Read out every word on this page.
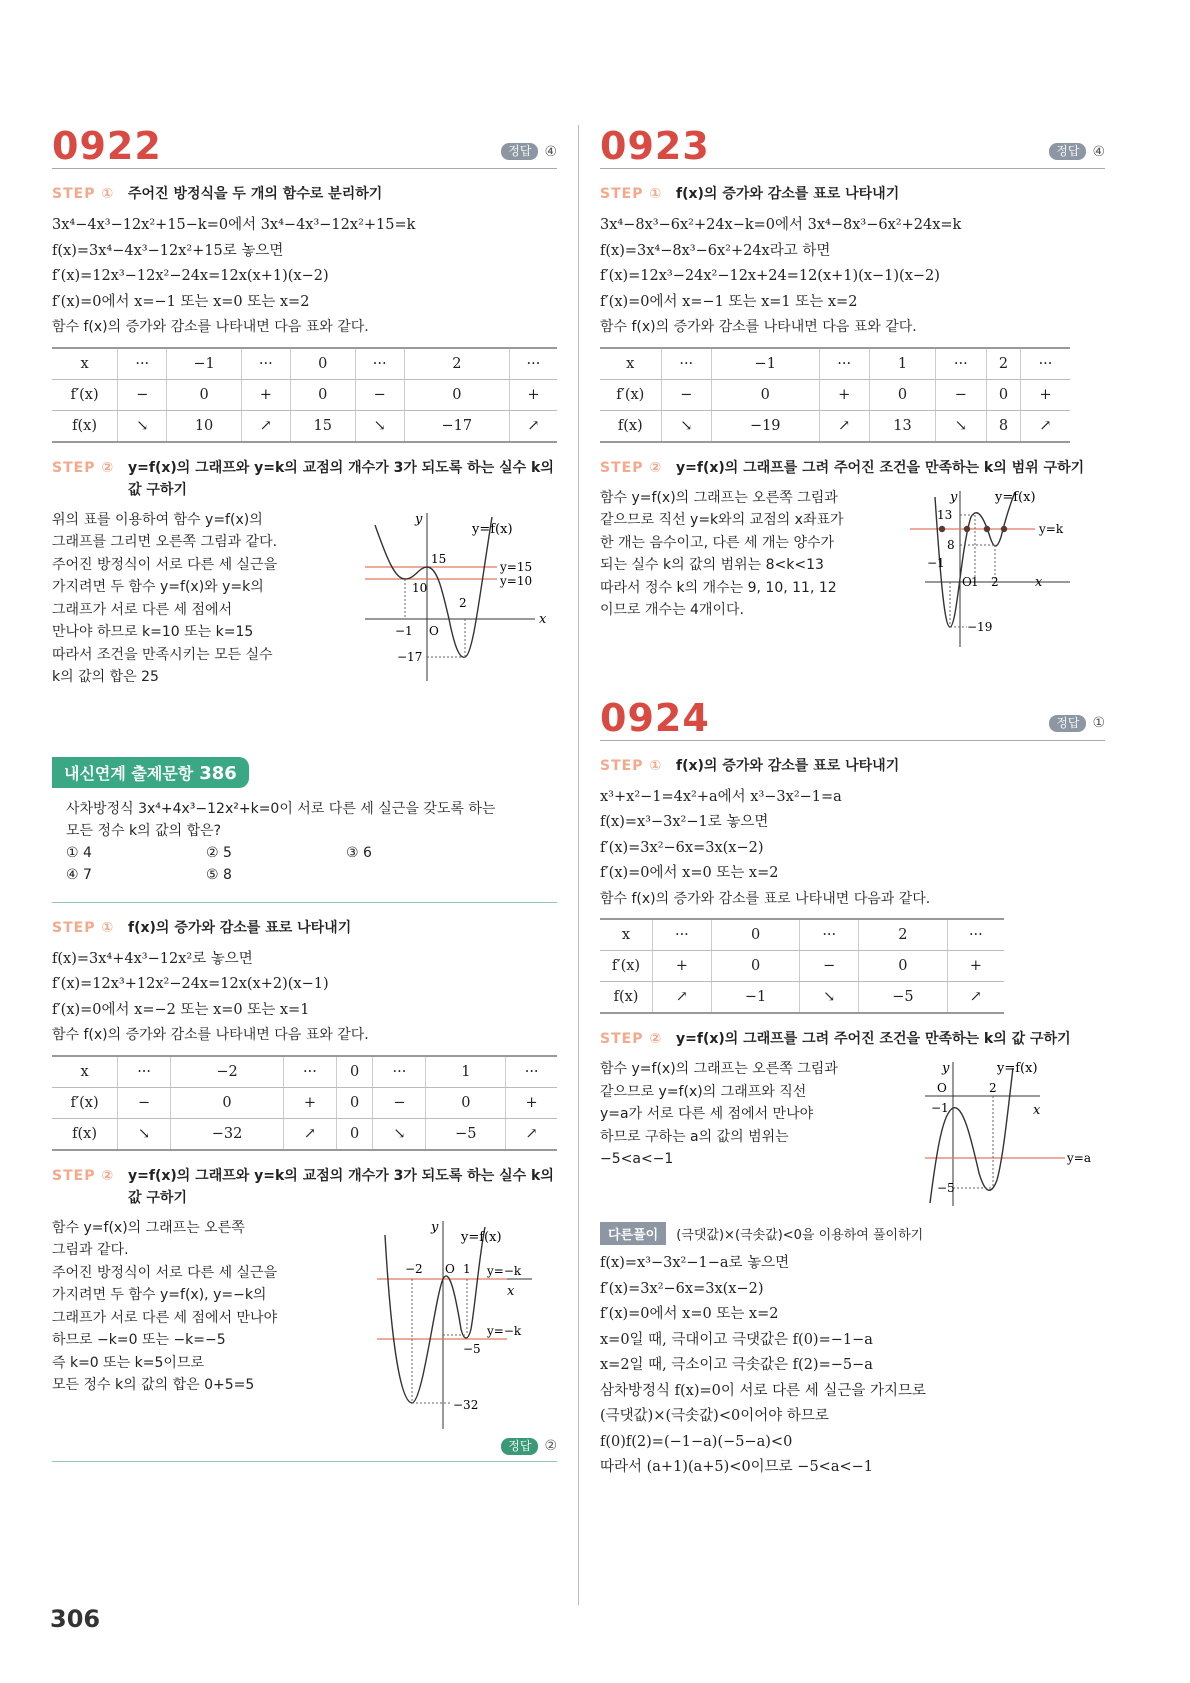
0922	정답 ④
STEP ① 주어진 방정식을 두 개의 함수로 분리하기
3x⁴−4x³−12x²+15−k=0에서 3x⁴−4x³−12x²+15=k
f(x)=3x⁴−4x³−12x²+15로 놓으면
f′(x)=12x³−12x²−24x=12x(x+1)(x−2)
f′(x)=0에서 x=−1 또는 x=0 또는 x=2
함수 f(x)의 증가와 감소를 나타내면 다음 표와 같다.
x	···	−1	···	0	···	2	···
f′(x)	−	0	+	0	−	0	+
f(x)	↘	10	↗	15	↘	−17	↗
STEP ② y=f(x)의 그래프와 y=k의 교점의 개수가 3가 되도록 하는 실수 k의 값 구하기
위의 표를 이용하여 함수 y=f(x)의
그래프를 그리면 오른쪽 그림과 같다.
주어진 방정식이 서로 다른 세 실근을
가지려면 두 함수 y=f(x)와 y=k의
그래프가 서로 다른 세 점에서
만나야 하므로 k=10 또는 k=15
따라서 조건을 만족시키는 모든 실수
k의 값의 합은 25
y
x
O
y=f(x)
15
10
−1
2
−17
y=15
y=10
내신연계 출제문항 386
사차방정식 3x⁴+4x³−12x²+k=0이 서로 다른 세 실근을 갖도록 하는
모든 정수 k의 값의 합은?
① 4	② 5	③ 6
④ 7	⑤ 8
STEP ① f(x)의 증가와 감소를 표로 나타내기
f(x)=3x⁴+4x³−12x²로 놓으면
f′(x)=12x³+12x²−24x=12x(x+2)(x−1)
f′(x)=0에서 x=−2 또는 x=0 또는 x=1
함수 f(x)의 증가와 감소를 나타내면 다음 표와 같다.
x	···	−2	···	0	···	1	···
f′(x)	−	0	+	0	−	0	+
f(x)	↘	−32	↗	0	↘	−5	↗
STEP ② y=f(x)의 그래프와 y=k의 교점의 개수가 3가 되도록 하는 실수 k의 값 구하기
함수 y=f(x)의 그래프는 오른쪽
그림과 같다.
주어진 방정식이 서로 다른 세 실근을
가지려면 두 함수 y=f(x), y=−k의
그래프가 서로 다른 세 점에서 만나야
하므로 −k=0 또는 −k=−5
즉 k=0 또는 k=5이므로
모든 정수 k의 값의 합은 0+5=5
y
x
O
y=f(x)
−2	1
−5
−32
y=−k
y=−k
정답 ②
0923	정답 ④
STEP ① f(x)의 증가와 감소를 표로 나타내기
3x⁴−8x³−6x²+24x−k=0에서 3x⁴−8x³−6x²+24x=k
f(x)=3x⁴−8x³−6x²+24x라고 하면
f′(x)=12x³−24x²−12x+24=12(x+1)(x−1)(x−2)
f′(x)=0에서 x=−1 또는 x=1 또는 x=2
함수 f(x)의 증가와 감소를 나타내면 다음 표와 같다.
x	···	−1	···	1	···	2	···
f′(x)	−	0	+	0	−	0	+
f(x)	↘	−19	↗	13	↘	8	↗
STEP ② y=f(x)의 그래프를 그려 주어진 조건을 만족하는 k의 범위 구하기
함수 y=f(x)의 그래프는 오른쪽 그림과
같으므로 직선 y=k와의 교점의 x좌표가
한 개는 음수이고, 다른 세 개는 양수가
되는 실수 k의 값의 범위는 8<k<13
따라서 정수 k의 개수는 9, 10, 11, 12
이므로 개수는 4개이다.
y
x
O
y=f(x)
13
8
−1
1 2
−19
y=k
0924	정답 ①
STEP ① f(x)의 증가와 감소를 표로 나타내기
x³+x²−1=4x²+a에서 x³−3x²−1=a
f(x)=x³−3x²−1로 놓으면
f′(x)=3x²−6x=3x(x−2)
f′(x)=0에서 x=0 또는 x=2
함수 f(x)의 증가와 감소를 표로 나타내면 다음과 같다.
x	···	0	···	2	···
f′(x)	+	0	−	0	+
f(x)	↗	−1	↘	−5	↗
STEP ② y=f(x)의 그래프를 그려 주어진 조건을 만족하는 k의 값 구하기
함수 y=f(x)의 그래프는 오른쪽 그림과
같으므로 y=f(x)의 그래프와 직선
y=a가 서로 다른 세 점에서 만나야
하므로 구하는 a의 값의 범위는
−5<a<−1
y
x
O
y=f(x)
2
−1
−5
y=a
다른풀이	(극댓값)×(극솟값)<0을 이용하여 풀이하기
f(x)=x³−3x²−1−a로 놓으면
f′(x)=3x²−6x=3x(x−2)
f′(x)=0에서 x=0 또는 x=2
x=0일 때, 극대이고 극댓값은 f(0)=−1−a
x=2일 때, 극소이고 극솟값은 f(2)=−5−a
삼차방정식 f(x)=0이 서로 다른 세 실근을 가지므로
(극댓값)×(극솟값)<0이어야 하므로
f(0)f(2)=(−1−a)(−5−a)<0
따라서 (a+1)(a+5)<0이므로 −5<a<−1
306
